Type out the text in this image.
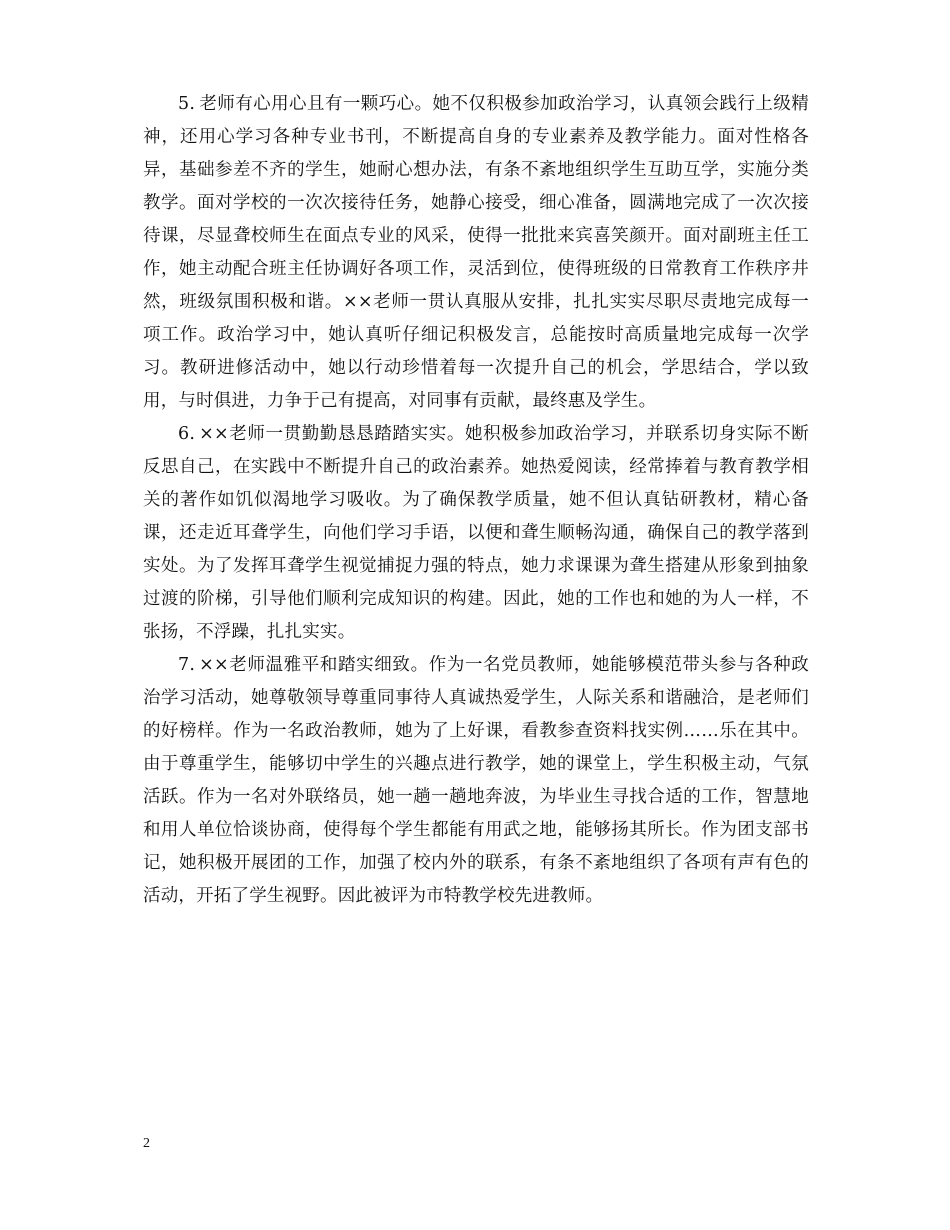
5. 老师有心用心且有一颗巧心。她不仅积极参加政治学习，认真领会践行上级精神，还用心学习各种专业书刊，不断提高自身的专业素养及教学能力。面对性格各异，基础参差不齐的学生，她耐心想办法，有条不紊地组织学生互助互学，实施分类教学。面对学校的一次次接待任务，她静心接受，细心准备，圆满地完成了一次次接待课，尽显聋校师生在面点专业的风采，使得一批批来宾喜笑颜开。面对副班主任工作，她主动配合班主任协调好各项工作，灵活到位，使得班级的日常教育工作秩序井然，班级氛围积极和谐。××老师一贯认真服从安排，扎扎实实尽职尽责地完成每一项工作。政治学习中，她认真听仔细记积极发言，总能按时高质量地完成每一次学习。教研进修活动中，她以行动珍惜着每一次提升自己的机会，学思结合，学以致用，与时俱进，力争于己有提高，对同事有贡献，最终惠及学生。

6. ××老师一贯勤勤恳恳踏踏实实。她积极参加政治学习，并联系切身实际不断反思自己，在实践中不断提升自己的政治素养。她热爱阅读，经常捧着与教育教学相关的著作如饥似渴地学习吸收。为了确保教学质量，她不但认真钻研教材，精心备课，还走近耳聋学生，向他们学习手语，以便和聋生顺畅沟通，确保自己的教学落到实处。为了发挥耳聋学生视觉捕捉力强的特点，她力求课课为聋生搭建从形象到抽象过渡的阶梯，引导他们顺利完成知识的构建。因此，她的工作也和她的为人一样，不张扬，不浮躁，扎扎实实。

7. ××老师温雅平和踏实细致。作为一名党员教师，她能够模范带头参与各种政治学习活动，她尊敬领导尊重同事待人真诚热爱学生，人际关系和谐融洽，是老师们的好榜样。作为一名政治教师，她为了上好课，看教参查资料找实例……乐在其中。由于尊重学生，能够切中学生的兴趣点进行教学，她的课堂上，学生积极主动，气氛活跃。作为一名对外联络员，她一趟一趟地奔波，为毕业生寻找合适的工作，智慧地和用人单位恰谈协商，使得每个学生都能有用武之地，能够扬其所长。作为团支部书记，她积极开展团的工作，加强了校内外的联系，有条不紊地组织了各项有声有色的活动，开拓了学生视野。因此被评为市特教学校先进教师。

2
